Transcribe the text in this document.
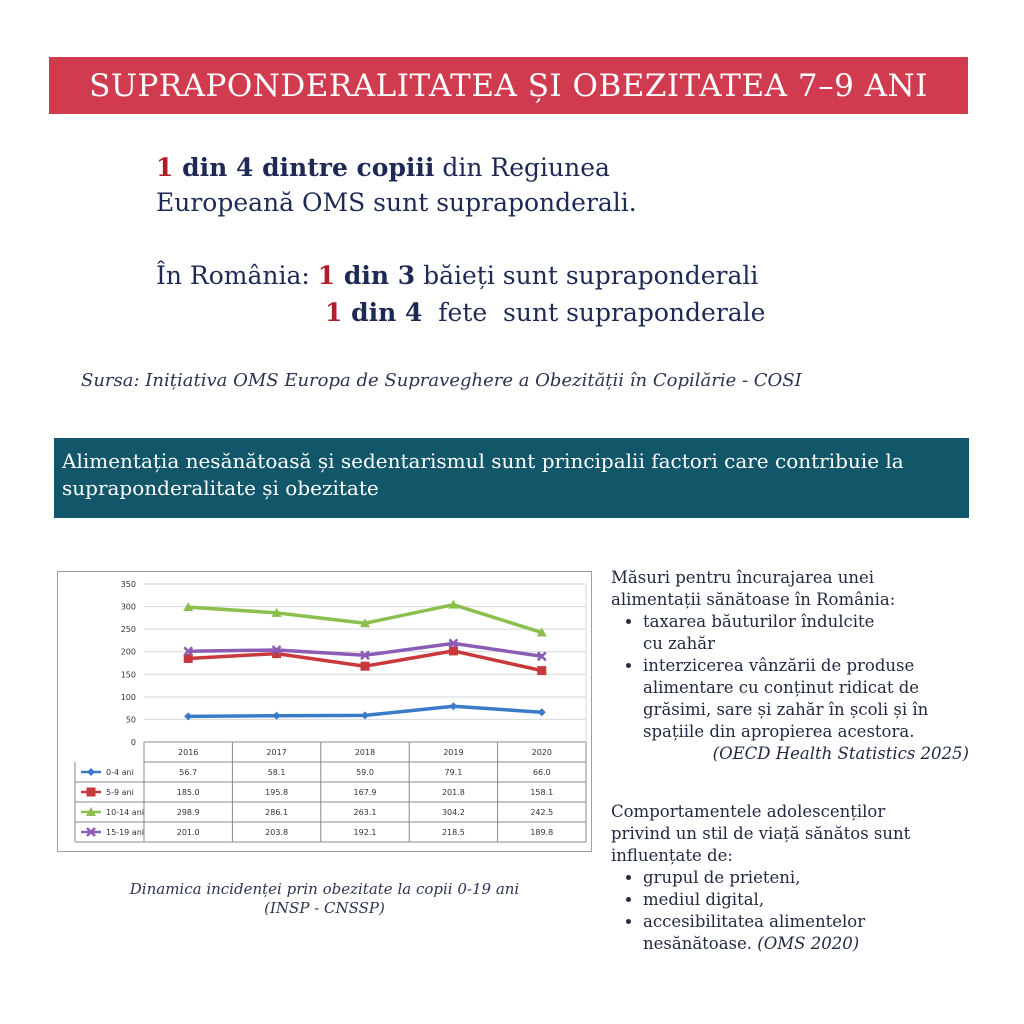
SUPRAPONDERALITATEA ȘI OBEZITATEA 7–9 ANI
1 din 4 dintre copiii din Regiunea
Europeană OMS sunt supraponderali.
În România: 1 din 3 băieți sunt supraponderali
1 din 4  fete  sunt supraponderale
Sursa: Inițiativa OMS Europa de Supraveghere a Obezității în Copilărie - COSI
Alimentația nesănătoasă și sedentarismul sunt principalii factori care contribuie la supraponderalitate și obezitate
0
50
100
150
200
250
300
350
2016	2017	2018	2019	2020
0-4 ani	56.7	58.1	59.0	79.1	66.0
5-9 ani	185.0	195.8	167.9	201.8	158.1
10-14 ani	298.9	286.1	263.1	304.2	242.5
15-19 ani	201.0	203.8	192.1	218.5	189.8
Dinamica incidenței prin obezitate la copii 0-19 ani
(INSP - CNSSP)
Măsuri pentru încurajarea unei
alimentații sănătoase în România:
• taxarea băuturilor îndulcite cu zahăr
• interzicerea vânzării de produse alimentare cu conținut ridicat de grăsimi, sare și zahăr în școli și în spațiile din apropierea acestora.
(OECD Health Statistics 2025)
Comportamentele adolescenților
privind un stil de viață sănătos sunt
influențate de:
• grupul de prieteni,
• mediul digital,
• accesibilitatea alimentelor nesănătoase. (OMS 2020)
